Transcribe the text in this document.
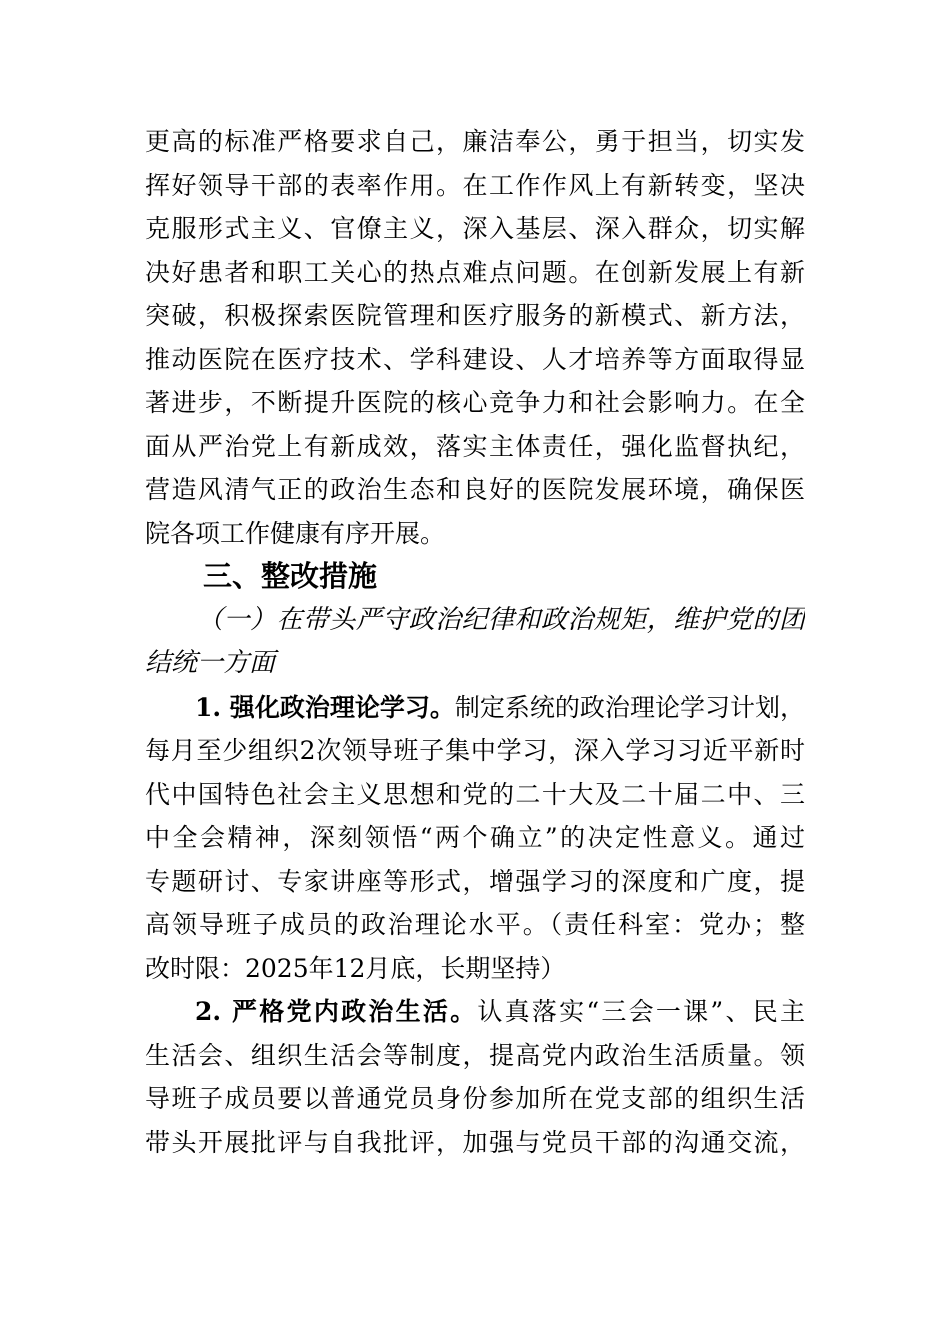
更高的标准严格要求自己，廉洁奉公，勇于担当，切实发
挥好领导干部的表率作用。在工作作风上有新转变，坚决
克服形式主义、官僚主义，深入基层、深入群众，切实解
决好患者和职工关心的热点难点问题。在创新发展上有新
突破，积极探索医院管理和医疗服务的新模式、新方法，
推动医院在医疗技术、学科建设、人才培养等方面取得显
著进步，不断提升医院的核心竞争力和社会影响力。在全
面从严治党上有新成效，落实主体责任，强化监督执纪，
营造风清气正的政治生态和良好的医院发展环境，确保医
院各项工作健康有序开展。
三、整改措施
（一）在带头严守政治纪律和政治规矩，维护党的团
结统一方面
1. 强化政治理论学习。制定系统的政治理论学习计划，
每月至少组织2次领导班子集中学习，深入学习习近平新时
代中国特色社会主义思想和党的二十大及二十届二中、三
中全会精神，深刻领悟“两个确立”的决定性意义。通过
专题研讨、专家讲座等形式，增强学习的深度和广度，提
高领导班子成员的政治理论水平。（责任科室：党办；整
改时限：2025年12月底，长期坚持）
2. 严格党内政治生活。认真落实“三会一课”、民主
生活会、组织生活会等制度，提高党内政治生活质量。领
导班子成员要以普通党员身份参加所在党支部的组织生活
带头开展批评与自我批评，加强与党员干部的沟通交流，
